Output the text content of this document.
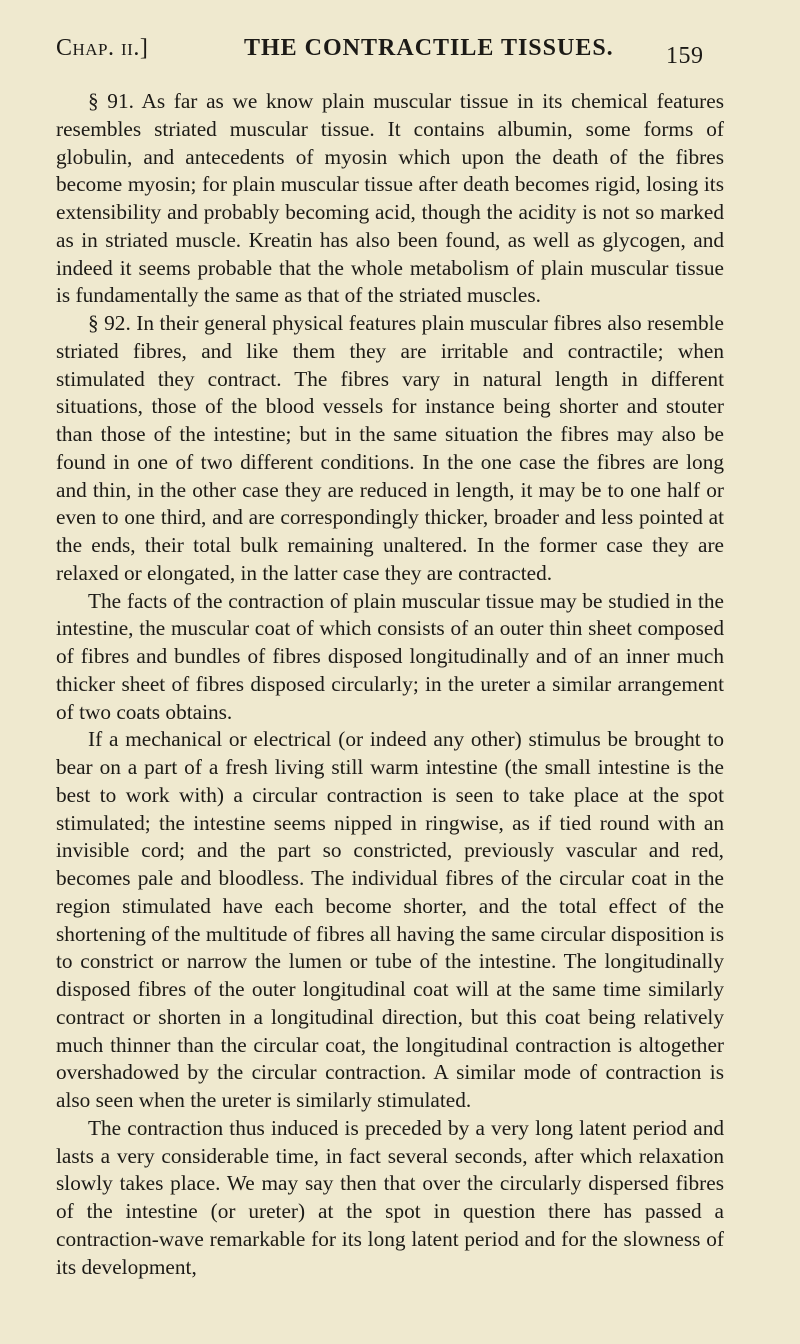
Chap. ii.]	THE CONTRACTILE TISSUES. 159

§ 91. As far as we know plain muscular tissue in its chemical features resembles striated muscular tissue. It contains albumin, some forms of globulin, and antecedents of myosin which upon the death of the fibres become myosin; for plain muscular tissue after death becomes rigid, losing its extensibility and probably becoming acid, though the acidity is not so marked as in striated muscle. Kreatin has also been found, as well as glycogen, and indeed it seems probable that the whole metabolism of plain muscular tissue is fundamentally the same as that of the striated muscles.

§ 92. In their general physical features plain muscular fibres also resemble striated fibres, and like them they are irritable and contractile; when stimulated they contract. The fibres vary in natural length in different situations, those of the blood vessels for instance being shorter and stouter than those of the intestine; but in the same situation the fibres may also be found in one of two different conditions. In the one case the fibres are long and thin, in the other case they are reduced in length, it may be to one half or even to one third, and are correspondingly thicker, broader and less pointed at the ends, their total bulk remaining unaltered. In the former case they are relaxed or elongated, in the latter case they are contracted.

The facts of the contraction of plain muscular tissue may be studied in the intestine, the muscular coat of which consists of an outer thin sheet composed of fibres and bundles of fibres disposed longitudinally and of an inner much thicker sheet of fibres disposed circularly; in the ureter a similar arrangement of two coats obtains.

If a mechanical or electrical (or indeed any other) stimulus be brought to bear on a part of a fresh living still warm intestine (the small intestine is the best to work with) a circular contraction is seen to take place at the spot stimulated; the intestine seems nipped in ringwise, as if tied round with an invisible cord; and the part so constricted, previously vascular and red, becomes pale and bloodless. The individual fibres of the circular coat in the region stimulated have each become shorter, and the total effect of the shortening of the multitude of fibres all having the same circular disposition is to constrict or narrow the lumen or tube of the intestine. The longitudinally disposed fibres of the outer longitudinal coat will at the same time similarly contract or shorten in a longitudinal direction, but this coat being relatively much thinner than the circular coat, the longitudinal contraction is altogether overshadowed by the circular contraction. A similar mode of contraction is also seen when the ureter is similarly stimulated.

The contraction thus induced is preceded by a very long latent period and lasts a very considerable time, in fact several seconds, after which relaxation slowly takes place. We may say then that over the circularly dispersed fibres of the intestine (or ureter) at the spot in question there has passed a contraction-wave remarkable for its long latent period and for the slowness of its development,
